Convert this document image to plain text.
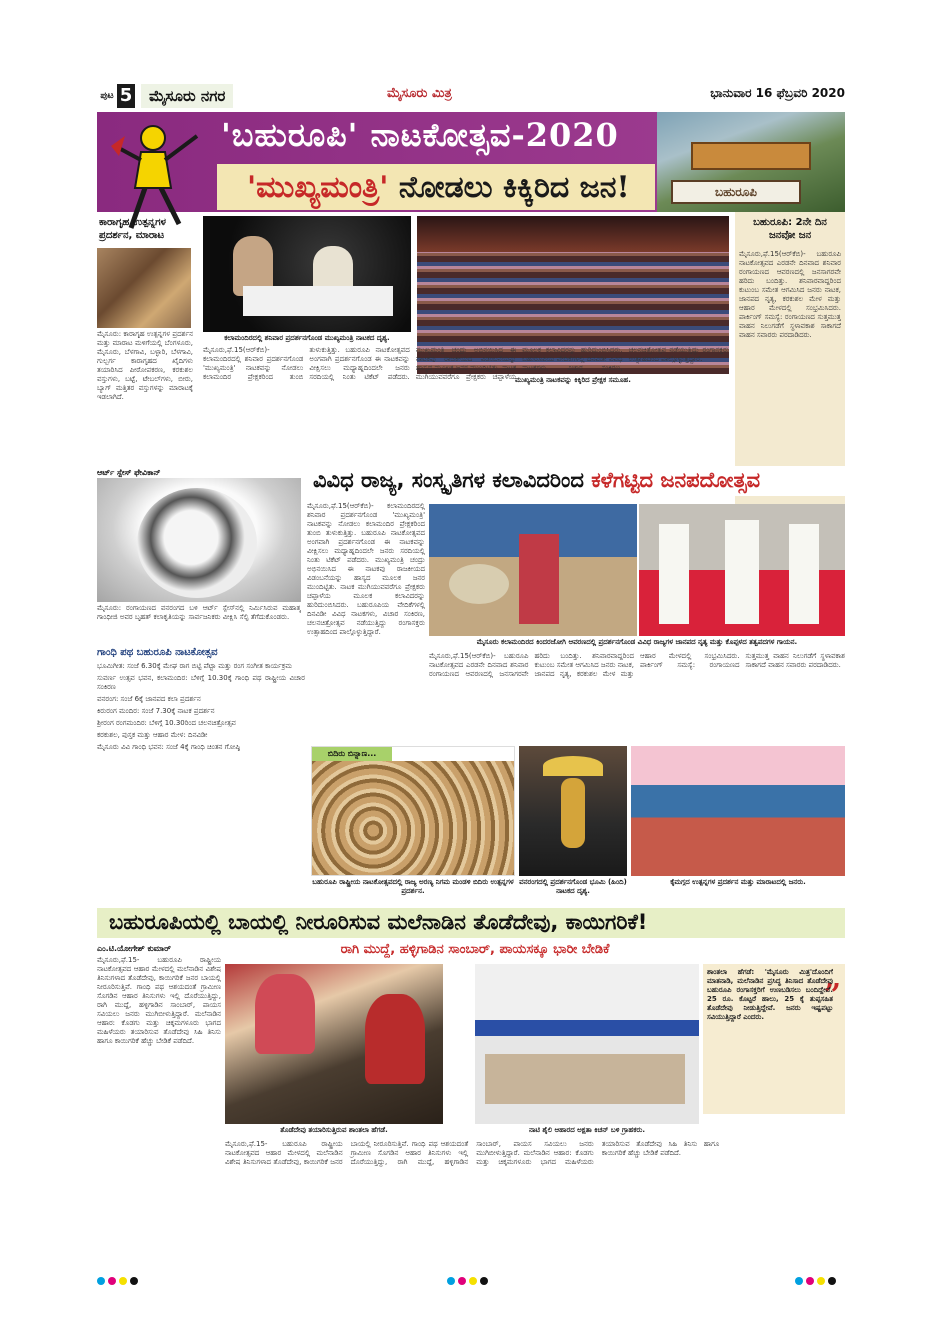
ಪುಟ 5	ಮೈಸೂರು ನಗರ	ಮೈಸೂರು ಮಿತ್ರ	ಭಾನುವಾರ 16 ಫೆಬ್ರವರಿ 2020
'ಬಹುರೂಪಿ' ನಾಟಕೋತ್ಸವ-2020
'ಮುಖ್ಯಮಂತ್ರಿ' ನೋಡಲು ಕಿಕ್ಕಿರಿದ ಜನ!	ಬಹುರೂಪಿ
ಕಾರಾಗೃಹ ಉತ್ಪನ್ನಗಳ ಪ್ರದರ್ಶನ, ಮಾರಾಟ
ಮೈಸೂರು: ಕಾರಾಗೃಹ ಉತ್ಪನ್ನಗಳ ಪ್ರದರ್ಶನ ಮತ್ತು ಮಾರಾಟ ಮಳಿಗೆಯಲ್ಲಿ ಬೆಂಗಳೂರು, ಮೈಸೂರು, ಬೆಳಗಾವಿ, ಬಳ್ಳಾರಿ, ಬೆಳಗಾವಿ, ಗುಲ್ಬರ್ಗ ಕಾರಾಗೃಹದ ಖೈದಿಗಳು ತಯಾರಿಸಿದ ಪೀಠೋಪಕರಣ, ಕರಕುಶಲ ವಸ್ತುಗಳು, ಬಟ್ಟೆ, ಟೇಬಲ್‌ಗಳು, ಬೀರು, ಬ್ಯಾಗ್ ಮತ್ತಿತರ ವಸ್ತುಗಳನ್ನು ಮಾರಾಟಕ್ಕೆ ಇಡಲಾಗಿದೆ.
ಕಲಾಮಂದಿರದಲ್ಲಿ ಶನಿವಾರ ಪ್ರದರ್ಶನಗೊಂಡ ಮುಖ್ಯಮಂತ್ರಿ ನಾಟಕದ ದೃಶ್ಯ.
ಮುಖ್ಯಮಂತ್ರಿ ನಾಟಕವನ್ನು ಕಿಕ್ಕಿರಿದ ಪ್ರೇಕ್ಷಕ ಸಮೂಹ.
ಮೈಸೂರು,ಫೆ.15(ಆರ್‌ಕೆಬಿ)- ಕಲಾಮಂದಿರದಲ್ಲಿ ಶನಿವಾರ ಪ್ರದರ್ಶನಗೊಂಡ 'ಮುಖ್ಯಮಂತ್ರಿ' ನಾಟಕವನ್ನು ನೋಡಲು ಕಲಾಮಂದಿರ ಪ್ರೇಕ್ಷಕರಿಂದ ತುಂಬಿ ತುಳುಕುತ್ತಿತ್ತು. ಬಹುರೂಪಿ ನಾಟಕೋತ್ಸವದ ಅಂಗವಾಗಿ ಪ್ರದರ್ಶನಗೊಂಡ ಈ ನಾಟಕವನ್ನು ವೀಕ್ಷಿಸಲು ಮಧ್ಯಾಹ್ನದಿಂದಲೇ ಜನರು ಸರದಿಯಲ್ಲಿ ನಿಂತು ಟಿಕೆಟ್ ಪಡೆದರು. ಮುಖ್ಯಮಂತ್ರಿ ಚಂದ್ರು ಅಭಿನಯಿಸಿದ ಈ ನಾಟಕವು ರಾಜಕೀಯದ ವಿಡಂಬನೆಯನ್ನು ಹಾಸ್ಯದ ಮೂಲಕ ಜನರ ಮುಂದಿಟ್ಟಿತು. ನಾಟಕ ಮುಗಿಯುವವರೆಗೂ ಪ್ರೇಕ್ಷಕರು ಚಪ್ಪಾಳೆಯ ಮೂಲಕ ಕಲಾವಿದರನ್ನು ಹುರಿದುಂಬಿಸಿದರು. ಬಹುರೂಪಿಯ ವೇದಿಕೆಗಳಲ್ಲಿ ದಿನವಿಡೀ ವಿವಿಧ ನಾಟಕಗಳು, ವಿಚಾರ ಸಂಕಿರಣ, ಚಲನಚಿತ್ರೋತ್ಸವ ನಡೆಯುತ್ತಿದ್ದು ರಂಗಾಸಕ್ತರು ಉತ್ಸಾಹದಿಂದ ಪಾಲ್ಗೊಳ್ಳುತ್ತಿದ್ದಾರೆ.
ಬಹುರೂಪಿ: 2ನೇ ದಿನ ಜನವೋ ಜನ
ಮೈಸೂರು,ಫೆ.15(ಆರ್‌ಕೆಬಿ)- ಬಹುರೂಪಿ ನಾಟಕೋತ್ಸವದ ಎರಡನೇ ದಿನವಾದ ಶನಿವಾರ ರಂಗಾಯಣದ ಆವರಣದಲ್ಲಿ ಜನಸಾಗರವೇ ಹರಿದು ಬಂದಿತ್ತು. ಶನಿವಾರವಾದ್ದರಿಂದ ಕುಟುಂಬ ಸಮೇತ ಆಗಮಿಸಿದ ಜನರು ನಾಟಕ, ಜಾನಪದ ನೃತ್ಯ, ಕರಕುಶಲ ಮೇಳ ಮತ್ತು ಆಹಾರ ಮೇಳದಲ್ಲಿ ಸಂಭ್ರಮಿಸಿದರು. ಪಾರ್ಕಿಂಗ್ ಸಮಸ್ಯೆ: ರಂಗಾಯಣದ ಸುತ್ತಮುತ್ತ ವಾಹನ ನಿಲುಗಡೆಗೆ ಸ್ಥಳಾವಕಾಶ ಸಾಕಾಗದೆ ವಾಹನ ಸವಾರರು ಪರದಾಡಿದರು.
ಆರ್ಟ್ ಸ್ಪೇಸ್ ಫೇವಿಕಾನ್
ಮೈಸೂರು: ರಂಗಾಯಣದ ವನರಂಗದ ಬಳಿ ಆರ್ಟ್ ಸ್ಪೇಸ್‌ನಲ್ಲಿ ನಿರ್ಮಿಸಿರುವ ಮಹಾತ್ಮ ಗಾಂಧೀಜಿ ಅವರ ಬೃಹತ್ ಕಲಾಕೃತಿಯನ್ನು ಸಾರ್ವಜನಿಕರು ವೀಕ್ಷಿಸಿ ಸೆಲ್ಫಿ ತೆಗೆದುಕೊಂಡರು.
ವಿವಿಧ ರಾಜ್ಯ, ಸಂಸ್ಕೃತಿಗಳ ಕಲಾವಿದರಿಂದ ಕಳೆಗಟ್ಟಿದ ಜನಪದೋತ್ಸವ
ಮೈಸೂರು,ಫೆ.15(ಆರ್‌ಕೆಬಿ)- ಕಲಾಮಂದಿರದಲ್ಲಿ ಶನಿವಾರ ಪ್ರದರ್ಶನಗೊಂಡ 'ಮುಖ್ಯಮಂತ್ರಿ' ನಾಟಕವನ್ನು ನೋಡಲು ಕಲಾಮಂದಿರ ಪ್ರೇಕ್ಷಕರಿಂದ ತುಂಬಿ ತುಳುಕುತ್ತಿತ್ತು. ಬಹುರೂಪಿ ನಾಟಕೋತ್ಸವದ ಅಂಗವಾಗಿ ಪ್ರದರ್ಶನಗೊಂಡ ಈ ನಾಟಕವನ್ನು ವೀಕ್ಷಿಸಲು ಮಧ್ಯಾಹ್ನದಿಂದಲೇ ಜನರು ಸರದಿಯಲ್ಲಿ ನಿಂತು ಟಿಕೆಟ್ ಪಡೆದರು. ಮುಖ್ಯಮಂತ್ರಿ ಚಂದ್ರು ಅಭಿನಯಿಸಿದ ಈ ನಾಟಕವು ರಾಜಕೀಯದ ವಿಡಂಬನೆಯನ್ನು ಹಾಸ್ಯದ ಮೂಲಕ ಜನರ ಮುಂದಿಟ್ಟಿತು. ನಾಟಕ ಮುಗಿಯುವವರೆಗೂ ಪ್ರೇಕ್ಷಕರು ಚಪ್ಪಾಳೆಯ ಮೂಲಕ ಕಲಾವಿದರನ್ನು ಹುರಿದುಂಬಿಸಿದರು. ಬಹುರೂಪಿಯ ವೇದಿಕೆಗಳಲ್ಲಿ ದಿನವಿಡೀ ವಿವಿಧ ನಾಟಕಗಳು, ವಿಚಾರ ಸಂಕಿರಣ, ಚಲನಚಿತ್ರೋತ್ಸವ ನಡೆಯುತ್ತಿದ್ದು ರಂಗಾಸಕ್ತರು ಉತ್ಸಾಹದಿಂದ ಪಾಲ್ಗೊಳ್ಳುತ್ತಿದ್ದಾರೆ.
ಮೈಸೂರು ಕಲಾಮಂದಿರದ ಕಿಂದರಜೋಗಿ ಆವರಣದಲ್ಲಿ ಪ್ರದರ್ಶನಗೊಂಡ ವಿವಿಧ ರಾಜ್ಯಗಳ ಜಾನಪದ ನೃತ್ಯ ಮತ್ತು ಕೊಪ್ಪಳದ ತತ್ವಪದಗಳ ಗಾಯನ.
ಗಾಂಧಿ ಪಥ ಬಹುರೂಪಿ ನಾಟಕೋತ್ಸವ
ಭೂಮಿಗೀತ: ಸಂಜೆ 6.30ಕ್ಕೆ ಮೇಘ ರಾಗ ಬಿಟ್ಟಿ ಪೆಟ್ಟಾ ಮತ್ತು ರಂಗ ಸಂಗೀತ ಕಾರ್ಯಕ್ರಮ
ಸುವರ್ಣ ಉತ್ಸವ ಭವನ, ಕಲಾಮಂದಿರ: ಬೆಳಿಗ್ಗೆ 10.30ಕ್ಕೆ ಗಾಂಧಿ ಪಥ ರಾಷ್ಟ್ರೀಯ ವಿಚಾರ ಸಂಕಿರಣ
ವನರಂಗ: ಸಂಜೆ 6ಕ್ಕೆ ಜಾನಪದ ಕಲಾ ಪ್ರದರ್ಶನ
ಕಿರುರಂಗ ಮಂದಿರ: ಸಂಜೆ 7.30ಕ್ಕೆ ನಾಟಕ ಪ್ರದರ್ಶನ
ಶ್ರೀರಂಗ ರಂಗಮಂದಿರ: ಬೆಳಿಗ್ಗೆ 10.30ರಿಂದ ಚಲನಚಿತ್ರೋತ್ಸವ
ಕರಕುಶಲ, ಪುಸ್ತಕ ಮತ್ತು ಆಹಾರ ಮೇಳ: ದಿನವಿಡೀ
ಮೈಸೂರು ವಿವಿ ಗಾಂಧಿ ಭವನ: ಸಂಜೆ 4ಕ್ಕೆ ಗಾಂಧಿ ಚಿಂತನ ಗೋಷ್ಠಿ
ಮೈಸೂರು,ಫೆ.15(ಆರ್‌ಕೆಬಿ)- ಬಹುರೂಪಿ ನಾಟಕೋತ್ಸವದ ಎರಡನೇ ದಿನವಾದ ಶನಿವಾರ ರಂಗಾಯಣದ ಆವರಣದಲ್ಲಿ ಜನಸಾಗರವೇ ಹರಿದು ಬಂದಿತ್ತು. ಶನಿವಾರವಾದ್ದರಿಂದ ಕುಟುಂಬ ಸಮೇತ ಆಗಮಿಸಿದ ಜನರು ನಾಟಕ, ಜಾನಪದ ನೃತ್ಯ, ಕರಕುಶಲ ಮೇಳ ಮತ್ತು ಆಹಾರ ಮೇಳದಲ್ಲಿ ಸಂಭ್ರಮಿಸಿದರು. ಪಾರ್ಕಿಂಗ್ ಸಮಸ್ಯೆ: ರಂಗಾಯಣದ ಸುತ್ತಮುತ್ತ ವಾಹನ ನಿಲುಗಡೆಗೆ ಸ್ಥಳಾವಕಾಶ ಸಾಕಾಗದೆ ವಾಹನ ಸವಾರರು ಪರದಾಡಿದರು.
ಬಿದಿರು ಬಿನ್ನಾಣ...
ಬಹುರೂಪಿ ರಾಷ್ಟ್ರೀಯ ನಾಟಕೋತ್ಸವದಲ್ಲಿ ರಾಜ್ಯ ಅರಣ್ಯ ನಿಗಮ ಮಂಡಳಿ ಬಿದಿರು ಉತ್ಪನ್ನಗಳ ಪ್ರದರ್ಶನ.
ವನರಂಗದಲ್ಲಿ ಪ್ರದರ್ಶನಗೊಂಡ ಭೂಮಿ (ಹಿಂದಿ) ನಾಟಕದ ದೃಶ್ಯ.
ಕೈಮಗ್ಗದ ಉತ್ಪನ್ನಗಳ ಪ್ರದರ್ಶನ ಮತ್ತು ಮಾರಾಟದಲ್ಲಿ ಜನರು.
ಬಹುರೂಪಿಯಲ್ಲಿ ಬಾಯಲ್ಲಿ ನೀರೂರಿಸುವ ಮಲೆನಾಡಿನ ತೊಡೆದೇವು, ಕಾಯಿಗರಿಕೆ!
ರಾಗಿ ಮುದ್ದೆ, ಹಳ್ಳಿಗಾಡಿನ ಸಾಂಬಾರ್, ಪಾಯಸಕ್ಕೂ ಭಾರೀ ಬೇಡಿಕೆ
ಎಂ.ಟಿ.ಯೋಗೇಶ್ ಕುಮಾರ್
ಮೈಸೂರು,ಫೆ.15- ಬಹುರೂಪಿ ರಾಷ್ಟ್ರೀಯ ನಾಟಕೋತ್ಸವದ ಆಹಾರ ಮೇಳದಲ್ಲಿ ಮಲೆನಾಡಿನ ವಿಶೇಷ ತಿನಿಸುಗಳಾದ ತೊಡೆದೇವು, ಕಾಯಿಗರಿಕೆ ಜನರ ಬಾಯಲ್ಲಿ ನೀರೂರಿಸುತ್ತಿವೆ. ಗಾಂಧಿ ಪಥ ಆಶಯದಂತೆ ಗ್ರಾಮೀಣ ಸೊಗಡಿನ ಆಹಾರ ತಿನಿಸುಗಳು ಇಲ್ಲಿ ದೊರೆಯುತ್ತಿದ್ದು, ರಾಗಿ ಮುದ್ದೆ, ಹಳ್ಳಿಗಾಡಿನ ಸಾಂಬಾರ್, ಪಾಯಸ ಸವಿಯಲು ಜನರು ಮುಗಿಬೀಳುತ್ತಿದ್ದಾರೆ. ಮಲೆನಾಡಿನ ಆಹಾರ: ಕೊಡಗು ಮತ್ತು ಚಿಕ್ಕಮಗಳೂರು ಭಾಗದ ಮಹಿಳೆಯರು ತಯಾರಿಸುವ ತೊಡೆದೇವು ಸಿಹಿ ತಿನಿಸು ಹಾಗೂ ಕಾಯಿಗರಿಕೆ ಹೆಚ್ಚು ಬೇಡಿಕೆ ಪಡೆದಿದೆ.
ತೊಡೆದೇವು ತಯಾರಿಸುತ್ತಿರುವ ಶಾಂತಲಾ ಹೆಗಡೆ.	ನಾಟಿ ಶೈಲಿ ಆಹಾರದ ಅಕ್ಷತಾ ಕಿಚನ್ ಬಳಿ ಗ್ರಾಹಕರು.
”
ಶಾಂತಲಾ ಹೆಗಡೆ: 'ಮೈಸೂರು ಮಿತ್ರ'ದೊಂದಿಗೆ ಮಾತನಾಡಿ, ಮಲೆನಾಡಿನ ಪ್ರಸಿದ್ಧ ತಿನಿಸಾದ ತೊಡೆದೇವು ಬಹುರೂಪಿ ರಂಗಾಸಕ್ತರಿಗೆ ಉಣಬಡಿಸಲು ಬಂದಿದ್ದೇವೆ. 25 ರೂ. ಕೊಟ್ಟರೆ ಹಾಲು, 25 ಕ್ಕೆ ತುಪ್ಪಸಹಿತ ತೊಡೆದೇವು ನೀಡುತ್ತಿದ್ದೇವೆ. ಜನರು ಇಷ್ಟಪಟ್ಟು ಸವಿಯುತ್ತಿದ್ದಾರೆ ಎಂದರು.
ಮೈಸೂರು,ಫೆ.15- ಬಹುರೂಪಿ ರಾಷ್ಟ್ರೀಯ ನಾಟಕೋತ್ಸವದ ಆಹಾರ ಮೇಳದಲ್ಲಿ ಮಲೆನಾಡಿನ ವಿಶೇಷ ತಿನಿಸುಗಳಾದ ತೊಡೆದೇವು, ಕಾಯಿಗರಿಕೆ ಜನರ ಬಾಯಲ್ಲಿ ನೀರೂರಿಸುತ್ತಿವೆ. ಗಾಂಧಿ ಪಥ ಆಶಯದಂತೆ ಗ್ರಾಮೀಣ ಸೊಗಡಿನ ಆಹಾರ ತಿನಿಸುಗಳು ಇಲ್ಲಿ ದೊರೆಯುತ್ತಿದ್ದು, ರಾಗಿ ಮುದ್ದೆ, ಹಳ್ಳಿಗಾಡಿನ ಸಾಂಬಾರ್, ಪಾಯಸ ಸವಿಯಲು ಜನರು ಮುಗಿಬೀಳುತ್ತಿದ್ದಾರೆ. ಮಲೆನಾಡಿನ ಆಹಾರ: ಕೊಡಗು ಮತ್ತು ಚಿಕ್ಕಮಗಳೂರು ಭಾಗದ ಮಹಿಳೆಯರು ತಯಾರಿಸುವ ತೊಡೆದೇವು ಸಿಹಿ ತಿನಿಸು ಹಾಗೂ ಕಾಯಿಗರಿಕೆ ಹೆಚ್ಚು ಬೇಡಿಕೆ ಪಡೆದಿದೆ.
